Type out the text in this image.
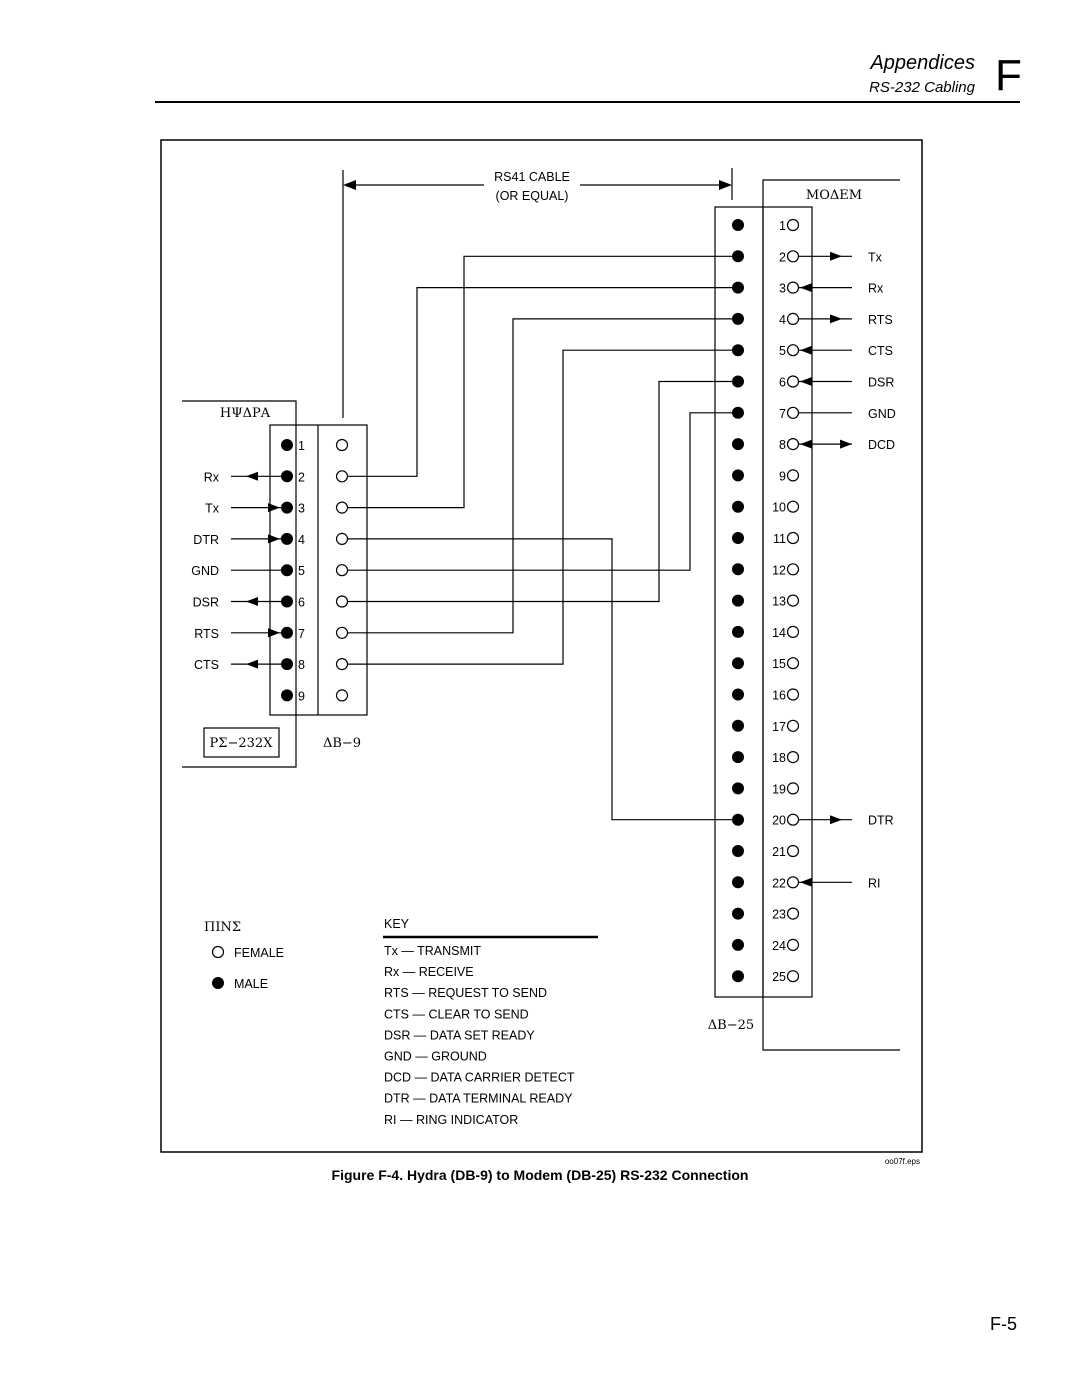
Appendices
RS-232 Cabling F
RS41 CABLE
(OR EQUAL)	ΜΟΔΕΜ
ΗΨΔΡΑ
ΡΣ−232Χ	ΔΒ−9
ΔΒ−25
ΠΙΝΣ
FEMALE
MALE
KEY
Tx — TRANSMIT
Rx — RECEIVE
RTS — REQUEST TO SEND
CTS — CLEAR TO SEND
DSR — DATA SET READY
GND — GROUND
DCD — DATA CARRIER DETECT
DTR — DATA TERMINAL READY
RI — RING INDICATOR
oo07f.eps
1
2
3
4
5
6
7
8
9
1
2
3
4
5
6
7
8
9
10
11
12
13
14
15
16
17
18
19
20
21
22
23
24
25
Rx
Tx
DTR
GND
DSR
RTS
CTS
Tx
Rx
RTS
CTS
DSR
GND
DCD
DTR
RI
Figure F-4. Hydra (DB-9) to Modem (DB-25) RS-232 Connection
F-5
